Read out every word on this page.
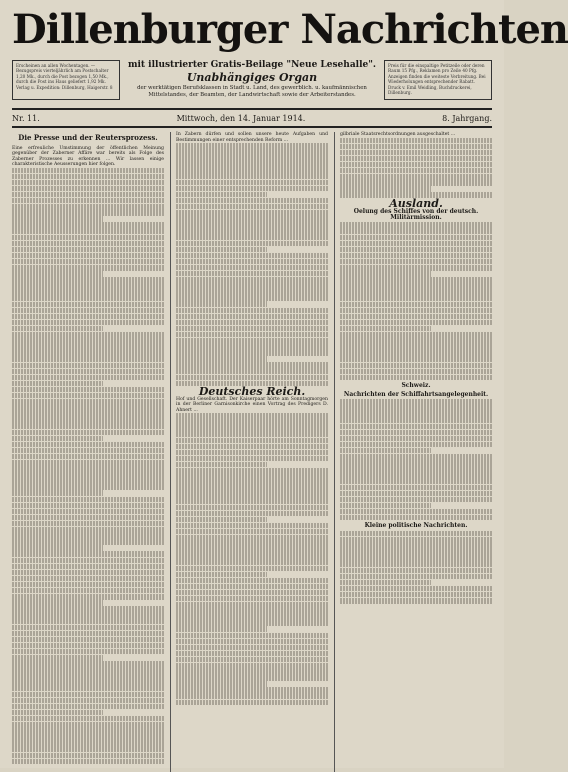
Dillenburger Nachrichten
Erscheinen an allen Wochentagen. — Bezugspreis vierteljährlich am Postschalter 1,20 Mk., durch die Post bezogen 1,50 Mk., durch die Post ins Haus geliefert 1,92 Mk. Verlag u. Expedition: Dillenburg, Haigerstr. 8
mit illustrierter Gratis-Beilage "Neue Lesehalle".
Unabhängiges Organ
der werktätigen Berufsklassen in Stadt u. Land, des gewerblich. u. kaufmännischen Mittelstandes, der Beamten, der Landwirtschaft sowie der Arbeiterstandes.
Preis für die einspaltige Petitzeile oder deren Raum 15 Pfg., Reklamen pro Zeile 40 Pfg. Anzeigen finden die weiteste Verbreitung. Bei Wiederholungen entsprechender Rabatt. Druck v. Emil Weidling, Buchdruckerei, Dillenburg.
Nr. 11.	Mittwoch, den 14. Januar 1914.	8. Jahrgang.
Die Presse und der Reutersprozess.
Eine erfreuliche Umstimmung der öffentlichen Meinung gegenüber der Zaberner Affäre war bereits als Folge des Zaberner Prozesses zu erkennen ... Wir lassen einige charakteristische Aeusserungen hier folgen.
In Zabern dürfen und sollen unsere heute Aufgaben und Bestimmungen einer entsprechenden Reform ...
Deutsches Reich.
Hof und Gesellschaft. Der Kaiserpaar hörte am Sonntagmorgen in der Berliner Garnisonkirche einen Vortrag des Predigers D. Ahnert ...
gilbriale Staatsrechtsordnungen ausgeschaltet ...
Ausland.
Oelung des Schiffes von der deutsch. Militärmission.
Schweiz.
Nachrichten der Schiffahrtsangelegenheit.
Kleine politische Nachrichten.
